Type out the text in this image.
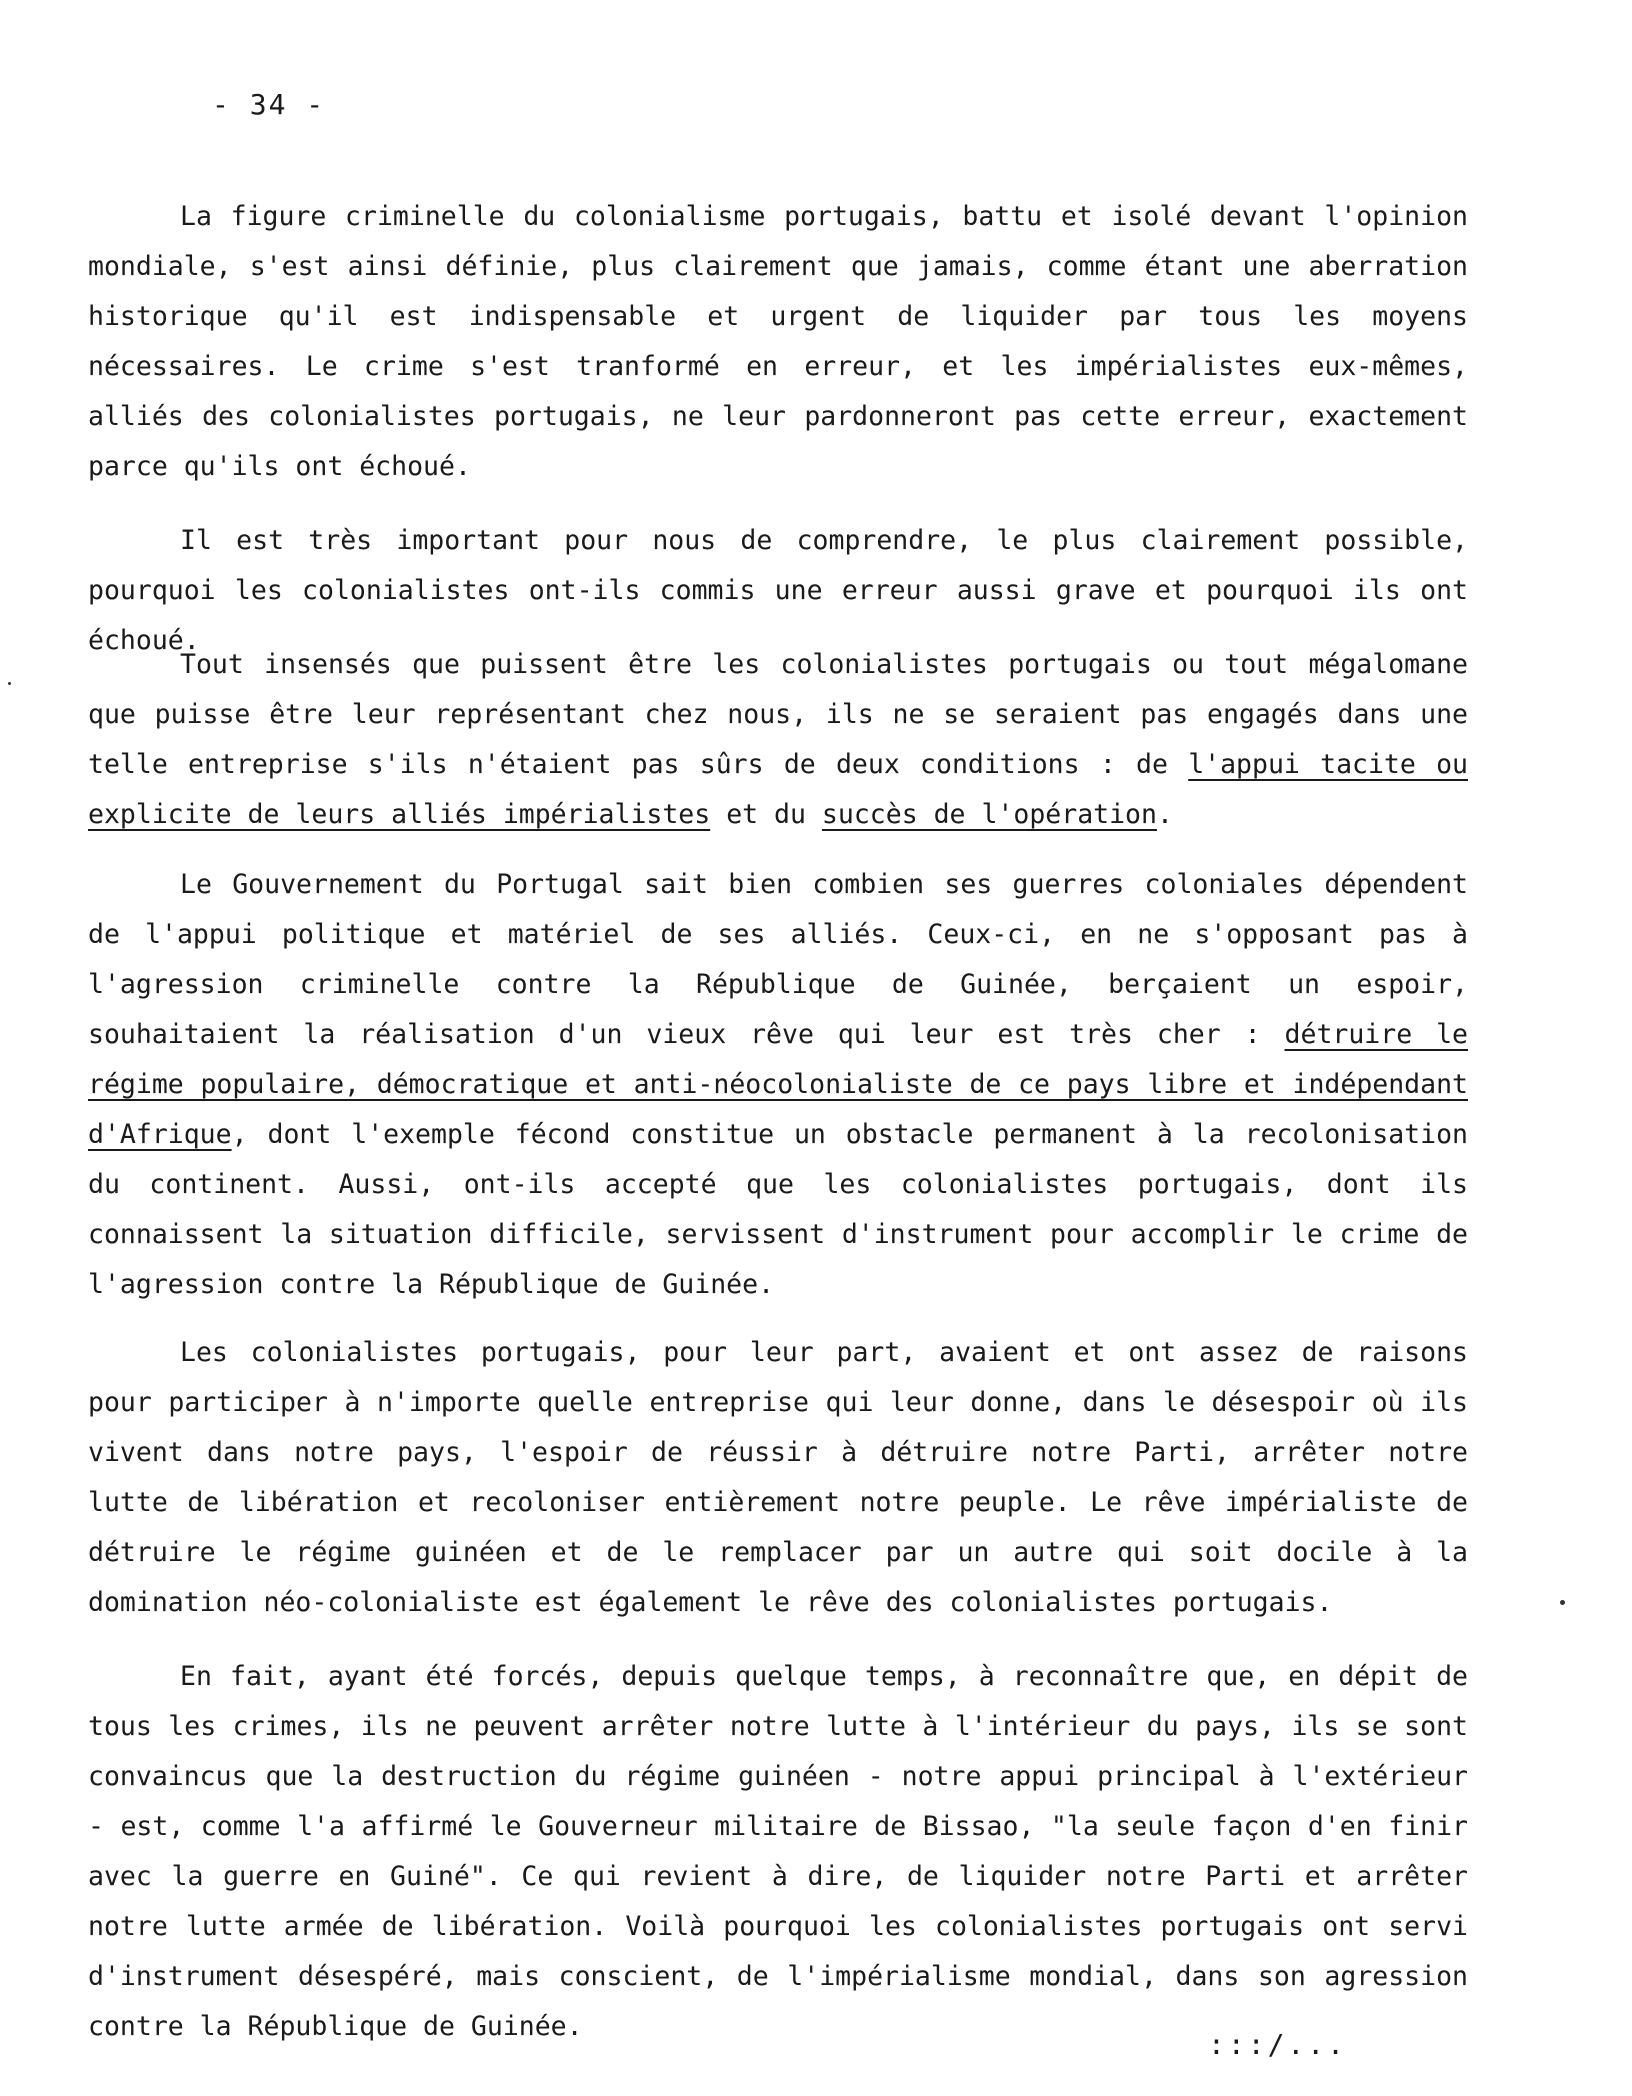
- 34 -
La figure criminelle du colonialisme portugais, battu et isolé devant l'opinion mondiale, s'est ainsi définie, plus clairement que jamais, comme étant une aberration historique qu'il est indispensable et urgent de liquider par tous les moyens nécessaires. Le crime s'est tranformé en erreur, et les impérialistes eux-mêmes, alliés des colonialistes portugais, ne leur pardonneront pas cette erreur, exactement parce qu'ils ont échoué.
Il est très important pour nous de comprendre, le plus clairement possible, pourquoi les colonialistes ont-ils commis une erreur aussi grave et pourquoi ils ont échoué.
Tout insensés que puissent être les colonialistes portugais ou tout mégalomane que puisse être leur représentant chez nous, ils ne se seraient pas engagés dans une telle entreprise s'ils n'étaient pas sûrs de deux conditions : de l'appui tacite ou explicite de leurs alliés impérialistes et du succès de l'opération.
Le Gouvernement du Portugal sait bien combien ses guerres coloniales dépendent de l'appui politique et matériel de ses alliés. Ceux-ci, en ne s'opposant pas à l'agression criminelle contre la République de Guinée, berçaient un espoir, souhaitaient la réalisation d'un vieux rêve qui leur est très cher : détruire le régime populaire, démocratique et anti-néocolonialiste de ce pays libre et indépendant d'Afrique, dont l'exemple fécond constitue un obstacle permanent à la recolonisation du continent. Aussi, ont-ils accepté que les colonialistes portugais, dont ils connaissent la situation difficile, servissent d'instrument pour accomplir le crime de l'agression contre la République de Guinée.
Les colonialistes portugais, pour leur part, avaient et ont assez de raisons pour participer à n'importe quelle entreprise qui leur donne, dans le désespoir où ils vivent dans notre pays, l'espoir de réussir à détruire notre Parti, arrêter notre lutte de libération et recoloniser entièrement notre peuple. Le rêve impérialiste de détruire le régime guinéen et de le remplacer par un autre qui soit docile à la domination néo-colonialiste est également le rêve des colonialistes portugais.
En fait, ayant été forcés, depuis quelque temps, à reconnaître que, en dépit de tous les crimes, ils ne peuvent arrêter notre lutte à l'intérieur du pays, ils se sont convaincus que la destruction du régime guinéen - notre appui principal à l'extérieur - est, comme l'a affirmé le Gouverneur militaire de Bissao, "la seule façon d'en finir avec la guerre en Guiné". Ce qui revient à dire, de liquider notre Parti et arrêter notre lutte armée de libération. Voilà pourquoi les colonialistes portugais ont servi d'instrument désespéré, mais conscient, de l'impérialisme mondial, dans son agression contre la République de Guinée.
:::/...
